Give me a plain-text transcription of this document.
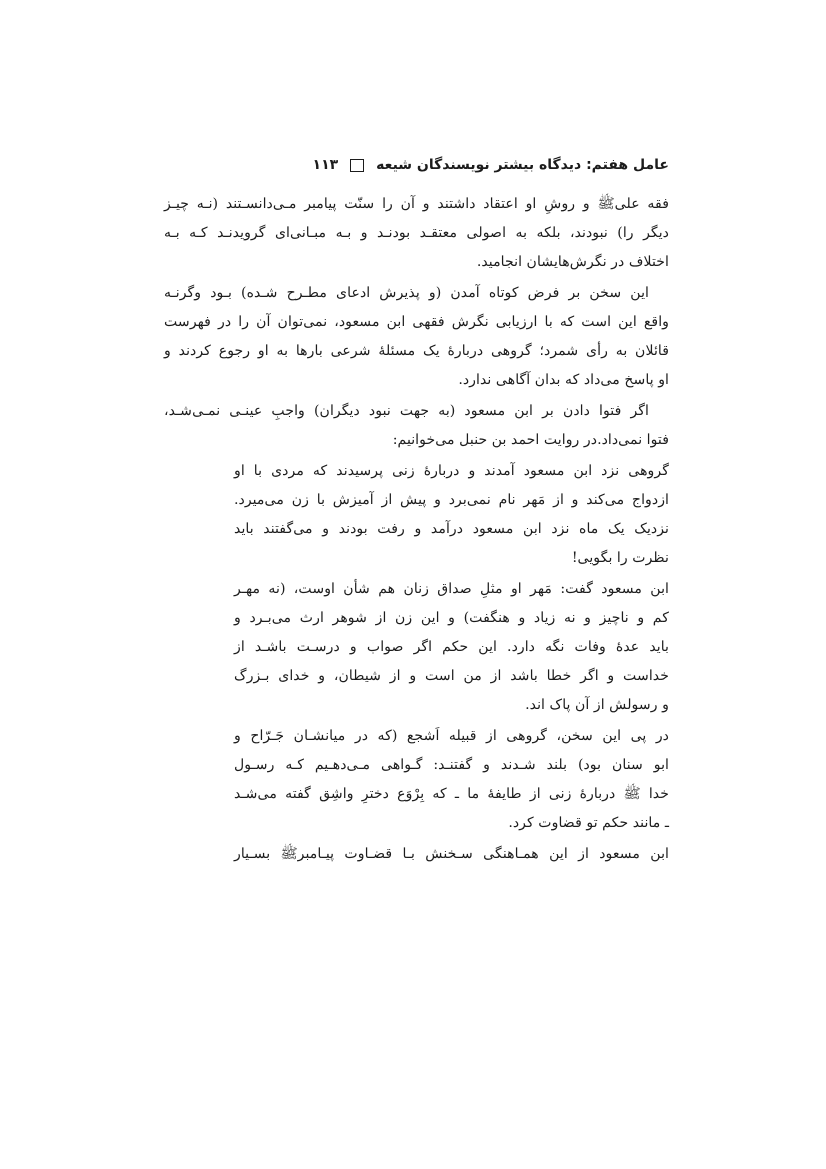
عامل هفتم: دیدگاه بیشتر نویسندگان شیعه
۱۱۳
فقه علیﷺ و روشِ او اعتقاد داشتند و آن را سنّت پیامبر مـی‌دانسـتند (نـه چیـز
دیگر را) نبودند، بلکه به اصولی معتقـد بودنـد و بـه مبـانی‌ای گرویدنـد کـه بـه
اختلاف در نگرش‌هایشان انجامید.
این سخن بر فرض کوتاه آمدن (و پذیرش ادعای مطـرح شـده) بـود وگرنـه
واقع این است که با ارزیابی نگرش فقهی ابن مسعود، نمی‌توان آن را در فهرست
قائلان به رأی شمرد؛ گروهی دربارۀ یک مسئلۀ شرعی بارها به او رجوع کردند و
او پاسخ می‌داد که بدان آگاهی ندارد.
اگر فتوا دادن بر ابن مسعود (به جهت نبود دیگران) واجبِ عینـی نمـی‌شـد،
فتوا نمی‌داد.در روایت احمد بن حنبل می‌خوانیم:
گروهی نزد ابن مسعود آمدند و دربارۀ زنی پرسیدند که مردی با او
ازدواج می‌کند و از مَهر نام نمی‌برد و پیش از آمیزش با زن می‌میرد.
نزدیک یک ماه نزد ابن مسعود درآمد و رفت بودند و می‌گفتند باید
نظرت را بگویی!
ابن مسعود گفت: مَهر او مثلِ صداق زنان هم شأن اوست، (نه مهـر
کم و ناچیز و نه زیاد و هنگفت) و این زن از شوهر ارث می‌بـرد و
باید عدۀ وفات نگه دارد. این حکم اگر صواب و درسـت باشـد از
خداست و اگر خطا باشد از من است و از شیطان، و خدای بـزرگ
و رسولش از آن پاک اند.
در پی این سخن، گروهی از قبیله اَشجع (که در میانشـان جَـرّاح و
ابو سنان بود) بلند شـدند و گفتنـد: گـواهی مـی‌دهـیم کـه رسـول
خدا ﷺ دربارۀ زنی از طایفۀ ما ـ که بِرْوَع دخترِ واشِق گفته می‌شـد
ـ مانند حکم تو قضاوت کرد.
ابن مسعود از این همـاهنگی سـخنش بـا قضـاوت پیـامبرﷺ بسـیار
